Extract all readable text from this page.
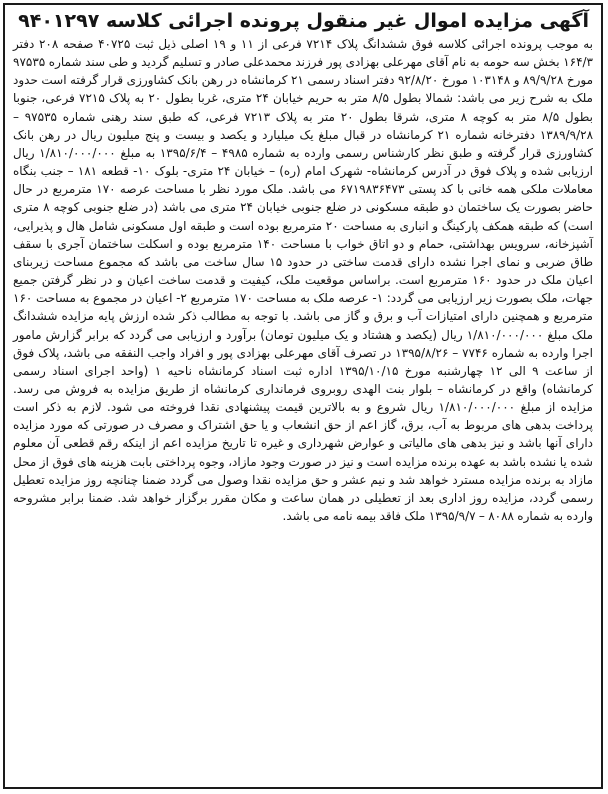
آگهی مزایده اموال غیر منقول پرونده اجرائی کلاسه ۹۴۰۱۲۹۷

به موجب پرونده اجرائی کلاسه فوق ششدانگ پلاک ۷۲۱۴ فرعی از ۱۱ و ۱۹ اصلی ذیل ثبت ۴۰۷۲۵ صفحه ۲۰۸ دفتر ۱۶۴/۳ بخش سه حومه به نام آقای مهرعلی بهزادی پور فرزند محمدعلی صادر و تسلیم گردید و طی سند شماره ۹۷۵۳۵ مورخ ۸۹/۹/۲۸ و ۱۰۳۱۴۸ مورخ ۹۲/۸/۲۰ دفتر اسناد رسمی ۲۱ کرمانشاه در رهن بانک کشاورزی قرار گرفته است حدود ملک به شرح زیر می باشد: شمالا بطول ۸/۵ متر به حریم خیابان ۲۴ متری، غربا بطول ۲۰ به پلاک ۷۲۱۵ فرعی، جنوبا بطول ۸/۵ متر به کوچه ۸ متری، شرقا بطول ۲۰ متر به پلاک ۷۲۱۳ فرعی، که طبق سند رهنی شماره ۹۷۵۳۵ – ۱۳۸۹/۹/۲۸ دفترخانه شماره ۲۱ کرمانشاه در قبال مبلغ یک میلیارد و یکصد و بیست و پنج میلیون ریال در رهن بانک کشاورزی قرار گرفته و طبق نظر کارشناس رسمی وارده به شماره ۴۹۸۵ – ۱۳۹۵/۶/۴ به مبلغ ۱/۸۱۰/۰۰۰/۰۰۰ ریال ارزیابی شده و پلاک فوق در آدرس کرمانشاه- شهرک امام (ره) – خیابان ۲۴ متری- بلوک ۱۰- قطعه ۱۸۱ – جنب بنگاه معاملات ملکی همه خانی با کد پستی ۶۷۱۹۸۳۶۴۷۳ می باشد. ملک مورد نظر با مساحت عرصه ۱۷۰ مترمربع در حال حاضر بصورت یک ساختمان دو طبقه مسکونی در ضلع جنوبی خیابان ۲۴ متری می باشد (در ضلع جنوبی کوچه ۸ متری است) که طبقه همکف پارکینگ و انباری به مساحت ۲۰ مترمربع بوده است و طبقه اول مسکونی شامل هال و پذیرایی، آشپزخانه، سرویس بهداشتی، حمام و دو اتاق خواب با مساحت ۱۴۰ مترمربع بوده و اسکلت ساختمان آجری با سقف طاق ضربی و نمای اجرا نشده دارای قدمت ساختی در حدود ۱۵ سال ساخت می باشد که مجموع مساحت زیربنای اعیان ملک در حدود ۱۶۰ مترمربع است. براساس موقعیت ملک، کیفیت و قدمت ساخت اعیان و در نظر گرفتن جمیع جهات، ملک بصورت زیر ارزیابی می گردد: ۱- عرصه ملک به مساحت ۱۷۰ مترمربع ۲- اعیان در مجموع به مساحت ۱۶۰ مترمربع و همچنین دارای امتیازات آب و برق و گاز می باشد. با توجه به مطالب ذکر شده ارزش پایه مزایده ششدانگ ملک مبلغ ۱/۸۱۰/۰۰۰/۰۰۰ ریال (یکصد و هشتاد و یک میلیون تومان) برآورد و ارزیابی می گردد که برابر گزارش مامور اجرا وارده به شماره ۷۷۴۶ – ۱۳۹۵/۸/۲۶ در تصرف آقای مهرعلی بهزادی پور و افراد واجب النفقه می باشد، پلاک فوق از ساعت ۹ الی ۱۲ چهارشنبه مورخ ۱۳۹۵/۱۰/۱۵ اداره ثبت اسناد کرمانشاه ناحیه ۱ (واحد اجرای اسناد رسمی کرمانشاه) واقع در کرمانشاه – بلوار بنت الهدی روبروی فرمانداری کرمانشاه از طریق مزایده به فروش می رسد. مزایده از مبلغ ۱/۸۱۰/۰۰۰/۰۰۰ ریال شروع و به بالاترین قیمت پیشنهادی نقدا فروخته می شود. لازم به ذکر است پرداخت بدهی های مربوط به آب، برق، گاز اعم از حق انشعاب و یا حق اشتراک و مصرف در صورتی که مورد مزایده دارای آنها باشد و نیز بدهی های مالیاتی و عوارض شهرداری و غیره تا تاریخ مزایده اعم از اینکه رقم قطعی آن معلوم شده یا نشده باشد به عهده برنده مزایده است و نیز در صورت وجود مازاد، وجوه پرداختی بابت هزینه های فوق از محل مازاد به برنده مزایده مسترد خواهد شد و نیم عشر و حق مزایده نقدا وصول می گردد ضمنا چنانچه روز مزایده تعطیل رسمی گردد، مزایده روز اداری بعد از تعطیلی در همان ساعت و مکان مقرر برگزار خواهد شد. ضمنا برابر مشروحه وارده به شماره ۸۰۸۸ – ۱۳۹۵/۹/۷ ملک فاقد بیمه نامه می باشد.
